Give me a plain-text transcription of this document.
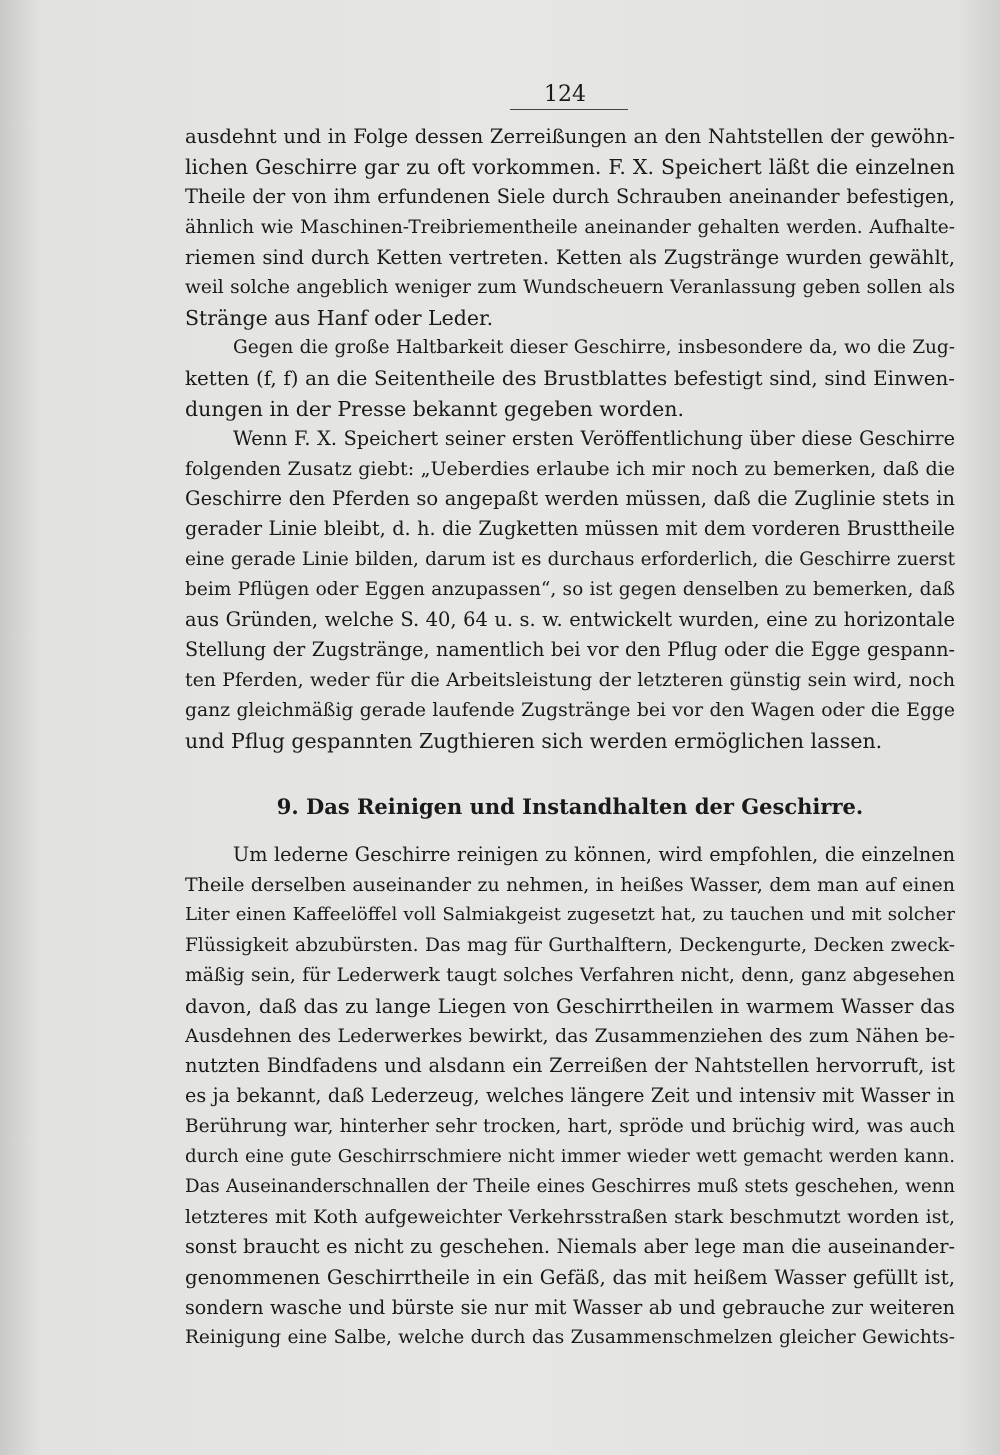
124
ausdehnt und in Folge dessen Zerreißungen an den Nahtstellen der gewöhn-
lichen Geschirre gar zu oft vorkommen. F. X. Speichert läßt die einzelnen
Theile der von ihm erfundenen Siele durch Schrauben aneinander befestigen,
ähnlich wie Maschinen-Treibriementheile aneinander gehalten werden. Aufhalte-
riemen sind durch Ketten vertreten. Ketten als Zugstränge wurden gewählt,
weil solche angeblich weniger zum Wundscheuern Veranlassung geben sollen als
Stränge aus Hanf oder Leder.
Gegen die große Haltbarkeit dieser Geschirre, insbesondere da, wo die Zug-
ketten (f, f) an die Seitentheile des Brustblattes befestigt sind, sind Einwen-
dungen in der Presse bekannt gegeben worden.
Wenn F. X. Speichert seiner ersten Veröffentlichung über diese Geschirre
folgenden Zusatz giebt: „Ueberdies erlaube ich mir noch zu bemerken, daß die
Geschirre den Pferden so angepaßt werden müssen, daß die Zuglinie stets in
gerader Linie bleibt, d. h. die Zugketten müssen mit dem vorderen Brusttheile
eine gerade Linie bilden, darum ist es durchaus erforderlich, die Geschirre zuerst
beim Pflügen oder Eggen anzupassen“, so ist gegen denselben zu bemerken, daß
aus Gründen, welche S. 40, 64 u. s. w. entwickelt wurden, eine zu horizontale
Stellung der Zugstränge, namentlich bei vor den Pflug oder die Egge gespann-
ten Pferden, weder für die Arbeitsleistung der letzteren günstig sein wird, noch
ganz gleichmäßig gerade laufende Zugstränge bei vor den Wagen oder die Egge
und Pflug gespannten Zugthieren sich werden ermöglichen lassen.
9. Das Reinigen und Instandhalten der Geschirre.
Um lederne Geschirre reinigen zu können, wird empfohlen, die einzelnen
Theile derselben auseinander zu nehmen, in heißes Wasser, dem man auf einen
Liter einen Kaffeelöffel voll Salmiakgeist zugesetzt hat, zu tauchen und mit solcher
Flüssigkeit abzubürsten. Das mag für Gurthalftern, Deckengurte, Decken zweck-
mäßig sein, für Lederwerk taugt solches Verfahren nicht, denn, ganz abgesehen
davon, daß das zu lange Liegen von Geschirrtheilen in warmem Wasser das
Ausdehnen des Lederwerkes bewirkt, das Zusammenziehen des zum Nähen be-
nutzten Bindfadens und alsdann ein Zerreißen der Nahtstellen hervorruft, ist
es ja bekannt, daß Lederzeug, welches längere Zeit und intensiv mit Wasser in
Berührung war, hinterher sehr trocken, hart, spröde und brüchig wird, was auch
durch eine gute Geschirrschmiere nicht immer wieder wett gemacht werden kann.
Das Auseinanderschnallen der Theile eines Geschirres muß stets geschehen, wenn
letzteres mit Koth aufgeweichter Verkehrsstraßen stark beschmutzt worden ist,
sonst braucht es nicht zu geschehen. Niemals aber lege man die auseinander-
genommenen Geschirrtheile in ein Gefäß, das mit heißem Wasser gefüllt ist,
sondern wasche und bürste sie nur mit Wasser ab und gebrauche zur weiteren
Reinigung eine Salbe, welche durch das Zusammenschmelzen gleicher Gewichts-
